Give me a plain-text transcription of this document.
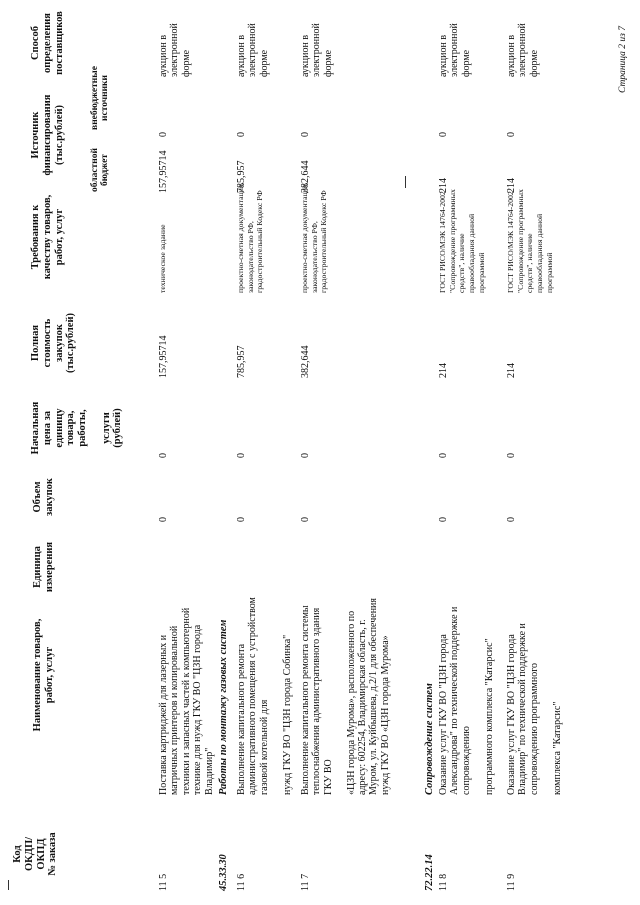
Код
ОКДП/
ОКПД
№ заказа
Наименование товаров,
работ, услуг
Единица
измерения
Объем
закупок
Начальная
цена за
единицу
товара,
работы,

услуги
(рублей)
Полная
стоимость
закупок
(тыс.рублей)
Требования к
качеству товаров,
работ, услуг
Источник
финансирования
(тыс.рублей)
областной
бюджет
внебюджетные
источники
Способ
определения
поставщиков
11 5
Поставка картриджей для лазерных и матричных принтеров и копировальной техники и запасных частей к компьютерной технике для нужд ГКУ ВО "ЦЗН города Владимир"
0
0
157,95714
техническое задание
157,95714
0
аукцион в электронной форме
45.33.30
Работы по монтажу газовых систем
11 6
Выполнение капитального ремонта административного помещения с устройством газовой котельной для

нужд ГКУ ВО "ЦЗН города Собинка"
0
0
785,957
проектно-сметная документация, законодательство РФ, градостроительный Кодекс РФ
785,957
0
аукцион в электронной форме
11 7
Выполнение капитального ремонта системы теплоснабжения административного здания ГКУ ВО

«ЦЗН города Мурома», расположенного по адресу: 602254, Владимирская область, г. Муром, ул. Куйбышева, д.2/1 для обеспечения нужд ГКУ ВО «ЦЗН города Мурома»
0
0
382,644
проектно-сметная документация, законодательство РФ, градостроительный Кодекс РФ
382,644
0
аукцион в электронной форме
72.22.14
Сопровождение систем
11 8
Оказание услуг ГКУ ВО "ЦЗН города Александрова" по технической поддержке и сопровождению

программного комплекса "Катарсис"
0
0
214
ГОСТ РИСО/МЭК 14764-2002 "Сопровождение программных средств", наличие правообладания данной программой
214
0
аукцион в электронной форме
11 9
Оказание услуг ГКУ ВО "ЦЗН города Владимир" по технической поддержке и сопровождению программного

комплекса "Катарсис"
0
0
214
ГОСТ РИСО/МЭК 14764-2002 "Сопровождение программных средств", наличие правообладания данной программой
214
0
аукцион в электронной форме	Страница 2 из 7
